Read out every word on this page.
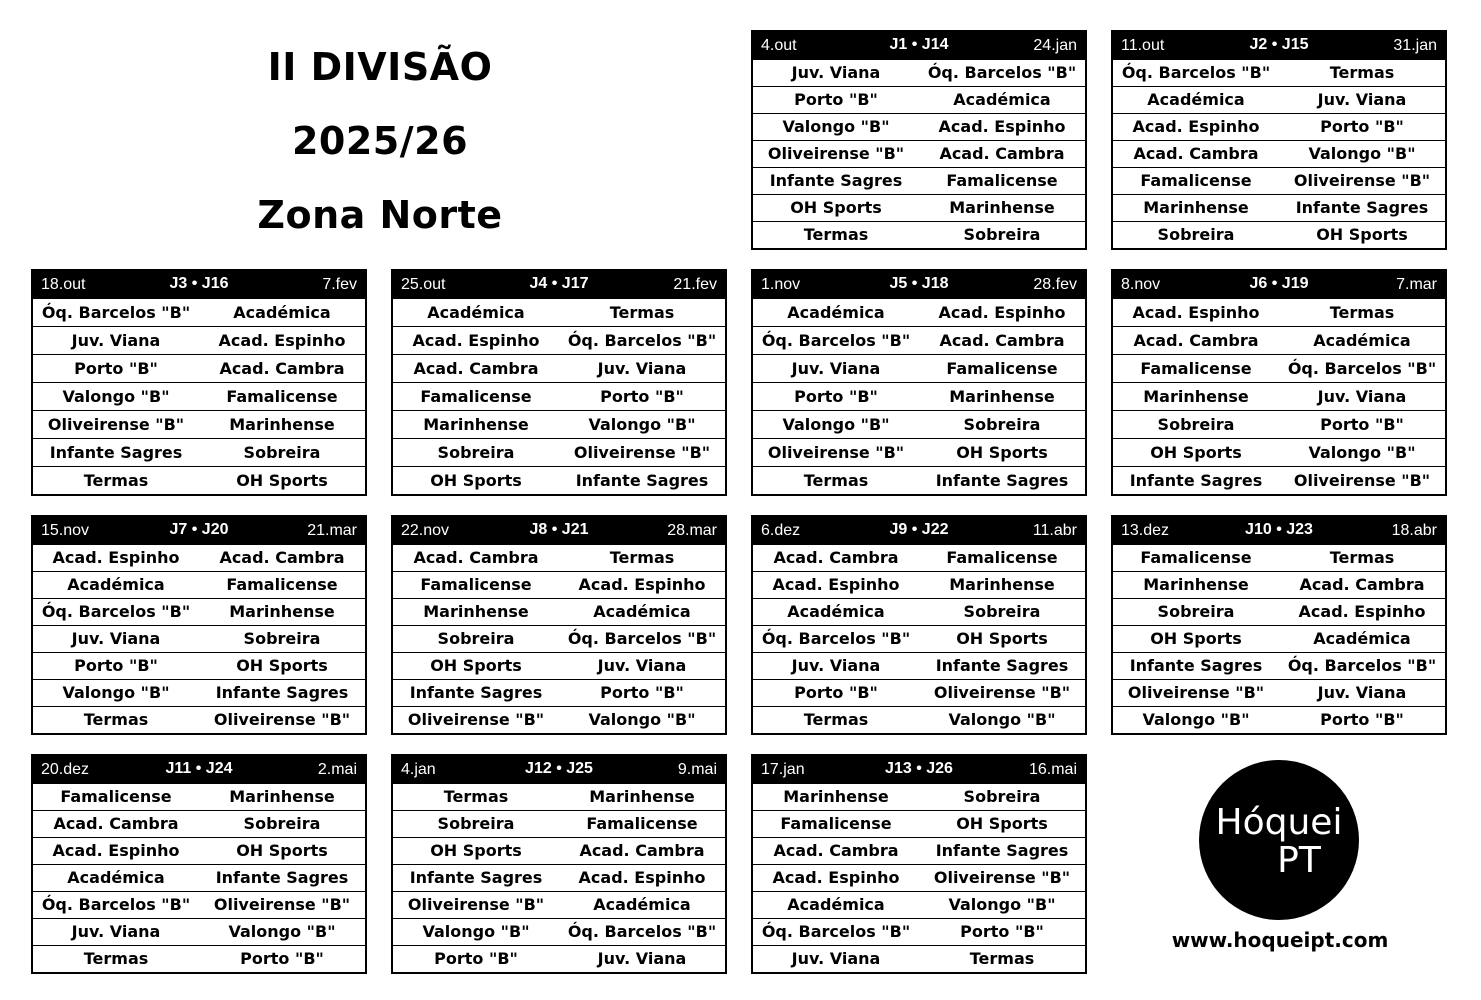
II DIVISÃO
2025/26
Zona Norte
4.out	J1 • J14	24.jan
Juv. Viana	Óq. Barcelos "B"
Porto "B"	Académica
Valongo "B"	Acad. Espinho
Oliveirense "B"	Acad. Cambra
Infante Sagres	Famalicense
OH Sports	Marinhense
Termas	Sobreira
11.out	J2 • J15	31.jan
Óq. Barcelos "B"	Termas
Académica	Juv. Viana
Acad. Espinho	Porto "B"
Acad. Cambra	Valongo "B"
Famalicense	Oliveirense "B"
Marinhense	Infante Sagres
Sobreira	OH Sports
18.out	J3 • J16	7.fev
Óq. Barcelos "B"	Académica
Juv. Viana	Acad. Espinho
Porto "B"	Acad. Cambra
Valongo "B"	Famalicense
Oliveirense "B"	Marinhense
Infante Sagres	Sobreira
Termas	OH Sports
25.out	J4 • J17	21.fev
Académica	Termas
Acad. Espinho	Óq. Barcelos "B"
Acad. Cambra	Juv. Viana
Famalicense	Porto "B"
Marinhense	Valongo "B"
Sobreira	Oliveirense "B"
OH Sports	Infante Sagres
1.nov	J5 • J18	28.fev
Académica	Acad. Espinho
Óq. Barcelos "B"	Acad. Cambra
Juv. Viana	Famalicense
Porto "B"	Marinhense
Valongo "B"	Sobreira
Oliveirense "B"	OH Sports
Termas	Infante Sagres
8.nov	J6 • J19	7.mar
Acad. Espinho	Termas
Acad. Cambra	Académica
Famalicense	Óq. Barcelos "B"
Marinhense	Juv. Viana
Sobreira	Porto "B"
OH Sports	Valongo "B"
Infante Sagres	Oliveirense "B"
15.nov	J7 • J20	21.mar
Acad. Espinho	Acad. Cambra
Académica	Famalicense
Óq. Barcelos "B"	Marinhense
Juv. Viana	Sobreira
Porto "B"	OH Sports
Valongo "B"	Infante Sagres
Termas	Oliveirense "B"
22.nov	J8 • J21	28.mar
Acad. Cambra	Termas
Famalicense	Acad. Espinho
Marinhense	Académica
Sobreira	Óq. Barcelos "B"
OH Sports	Juv. Viana
Infante Sagres	Porto "B"
Oliveirense "B"	Valongo "B"
6.dez	J9 • J22	11.abr
Acad. Cambra	Famalicense
Acad. Espinho	Marinhense
Académica	Sobreira
Óq. Barcelos "B"	OH Sports
Juv. Viana	Infante Sagres
Porto "B"	Oliveirense "B"
Termas	Valongo "B"
13.dez	J10 • J23	18.abr
Famalicense	Termas
Marinhense	Acad. Cambra
Sobreira	Acad. Espinho
OH Sports	Académica
Infante Sagres	Óq. Barcelos "B"
Oliveirense "B"	Juv. Viana
Valongo "B"	Porto "B"
20.dez	J11 • J24	2.mai
Famalicense	Marinhense
Acad. Cambra	Sobreira
Acad. Espinho	OH Sports
Académica	Infante Sagres
Óq. Barcelos "B"	Oliveirense "B"
Juv. Viana	Valongo "B"
Termas	Porto "B"
4.jan	J12 • J25	9.mai
Termas	Marinhense
Sobreira	Famalicense
OH Sports	Acad. Cambra
Infante Sagres	Acad. Espinho
Oliveirense "B"	Académica
Valongo "B"	Óq. Barcelos "B"
Porto "B"	Juv. Viana
17.jan	J13 • J26	16.mai
Marinhense	Sobreira
Famalicense	OH Sports
Acad. Cambra	Infante Sagres
Acad. Espinho	Oliveirense "B"
Académica	Valongo "B"
Óq. Barcelos "B"	Porto "B"
Juv. Viana	Termas
Hóquei
PT
www.hoqueipt.com
